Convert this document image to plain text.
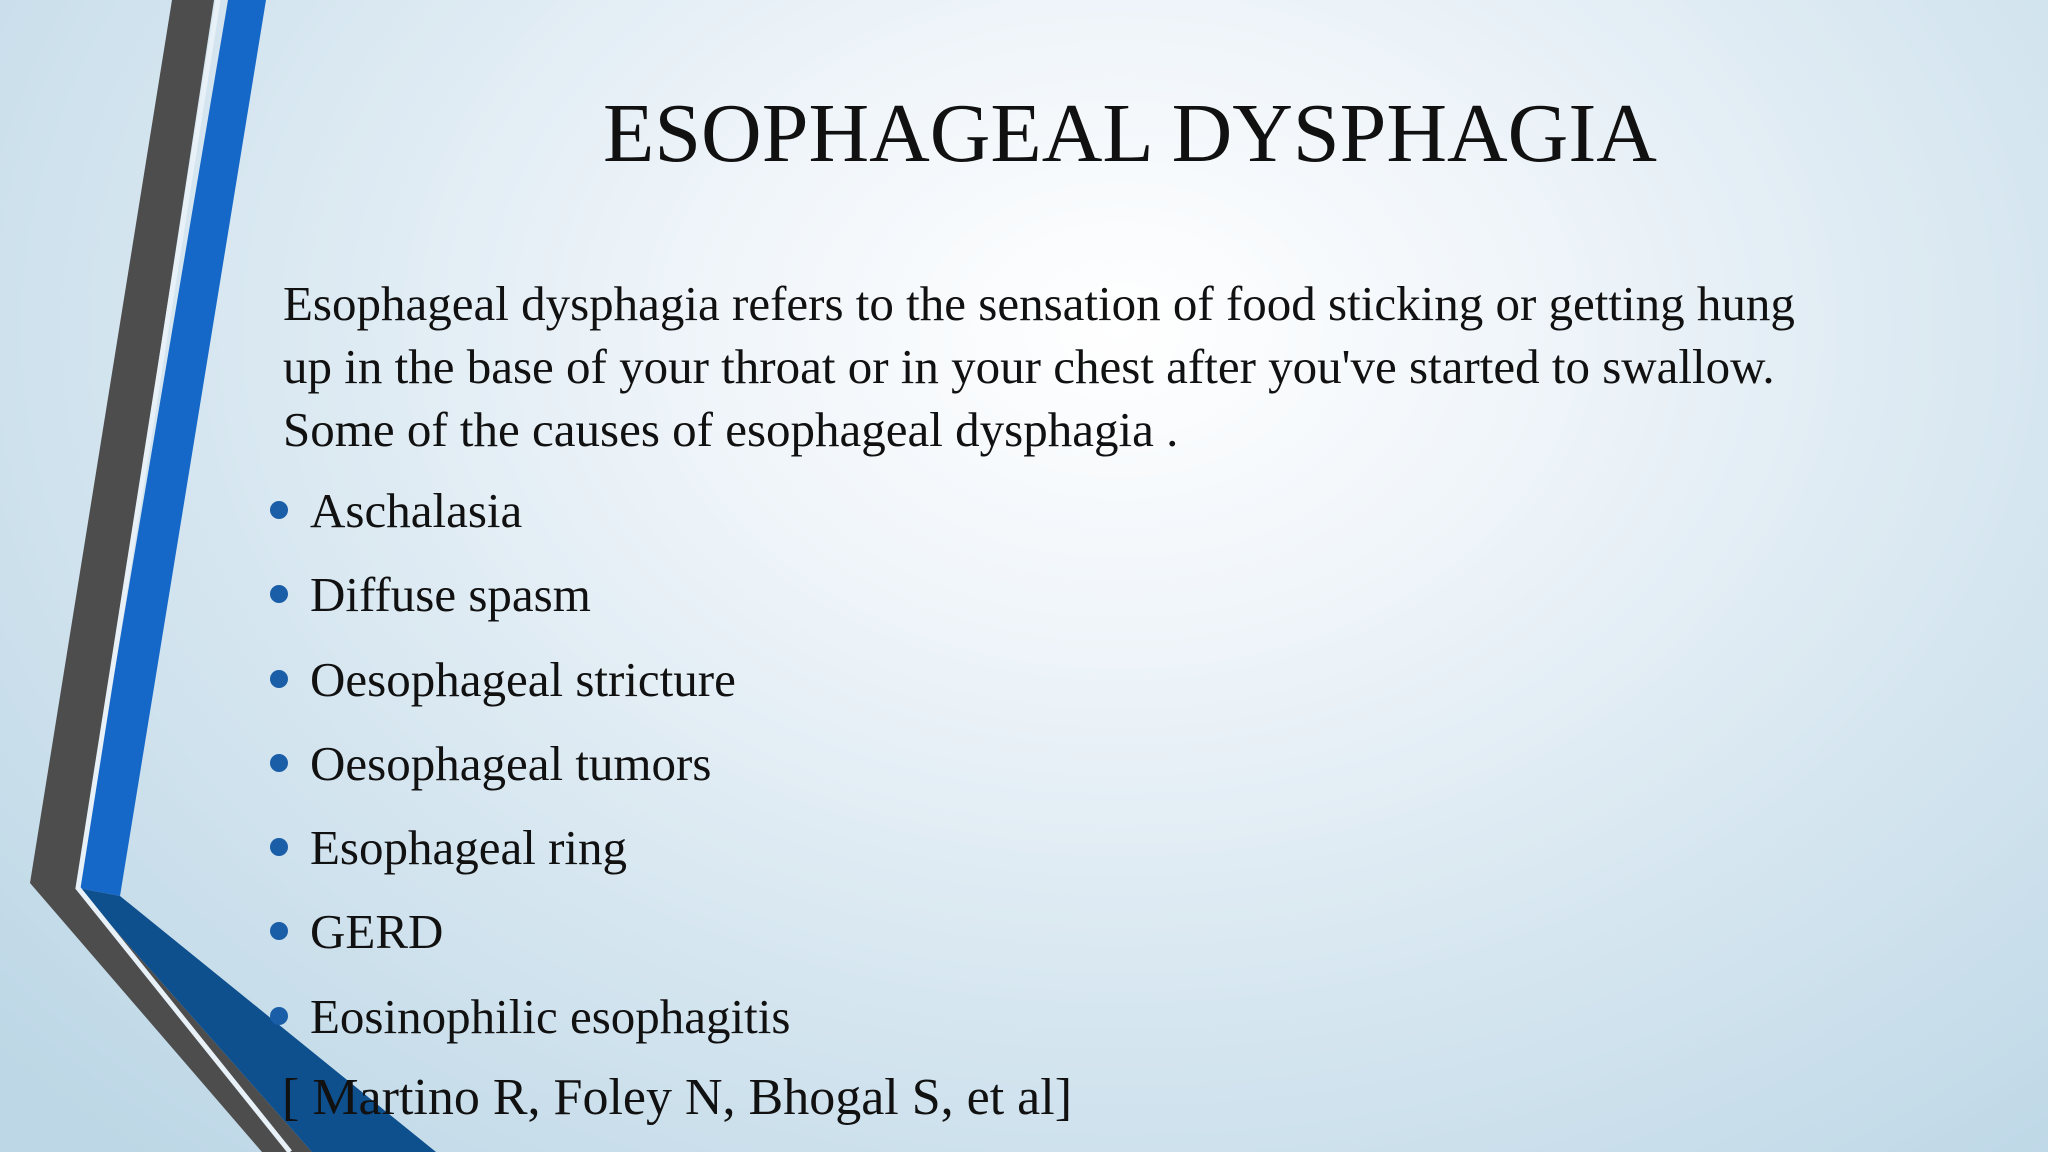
ESOPHAGEAL DYSPHAGIA

Esophageal dysphagia refers to the sensation of food sticking or getting hung

up in the base of your throat or in your chest after you've started to swallow.

Some of the causes of esophageal dysphagia .

Aschalasia
Diffuse spasm
Oesophageal stricture
Oesophageal tumors
Esophageal ring
GERD
Eosinophilic esophagitis

[ Martino R, Foley N, Bhogal S, et al]
